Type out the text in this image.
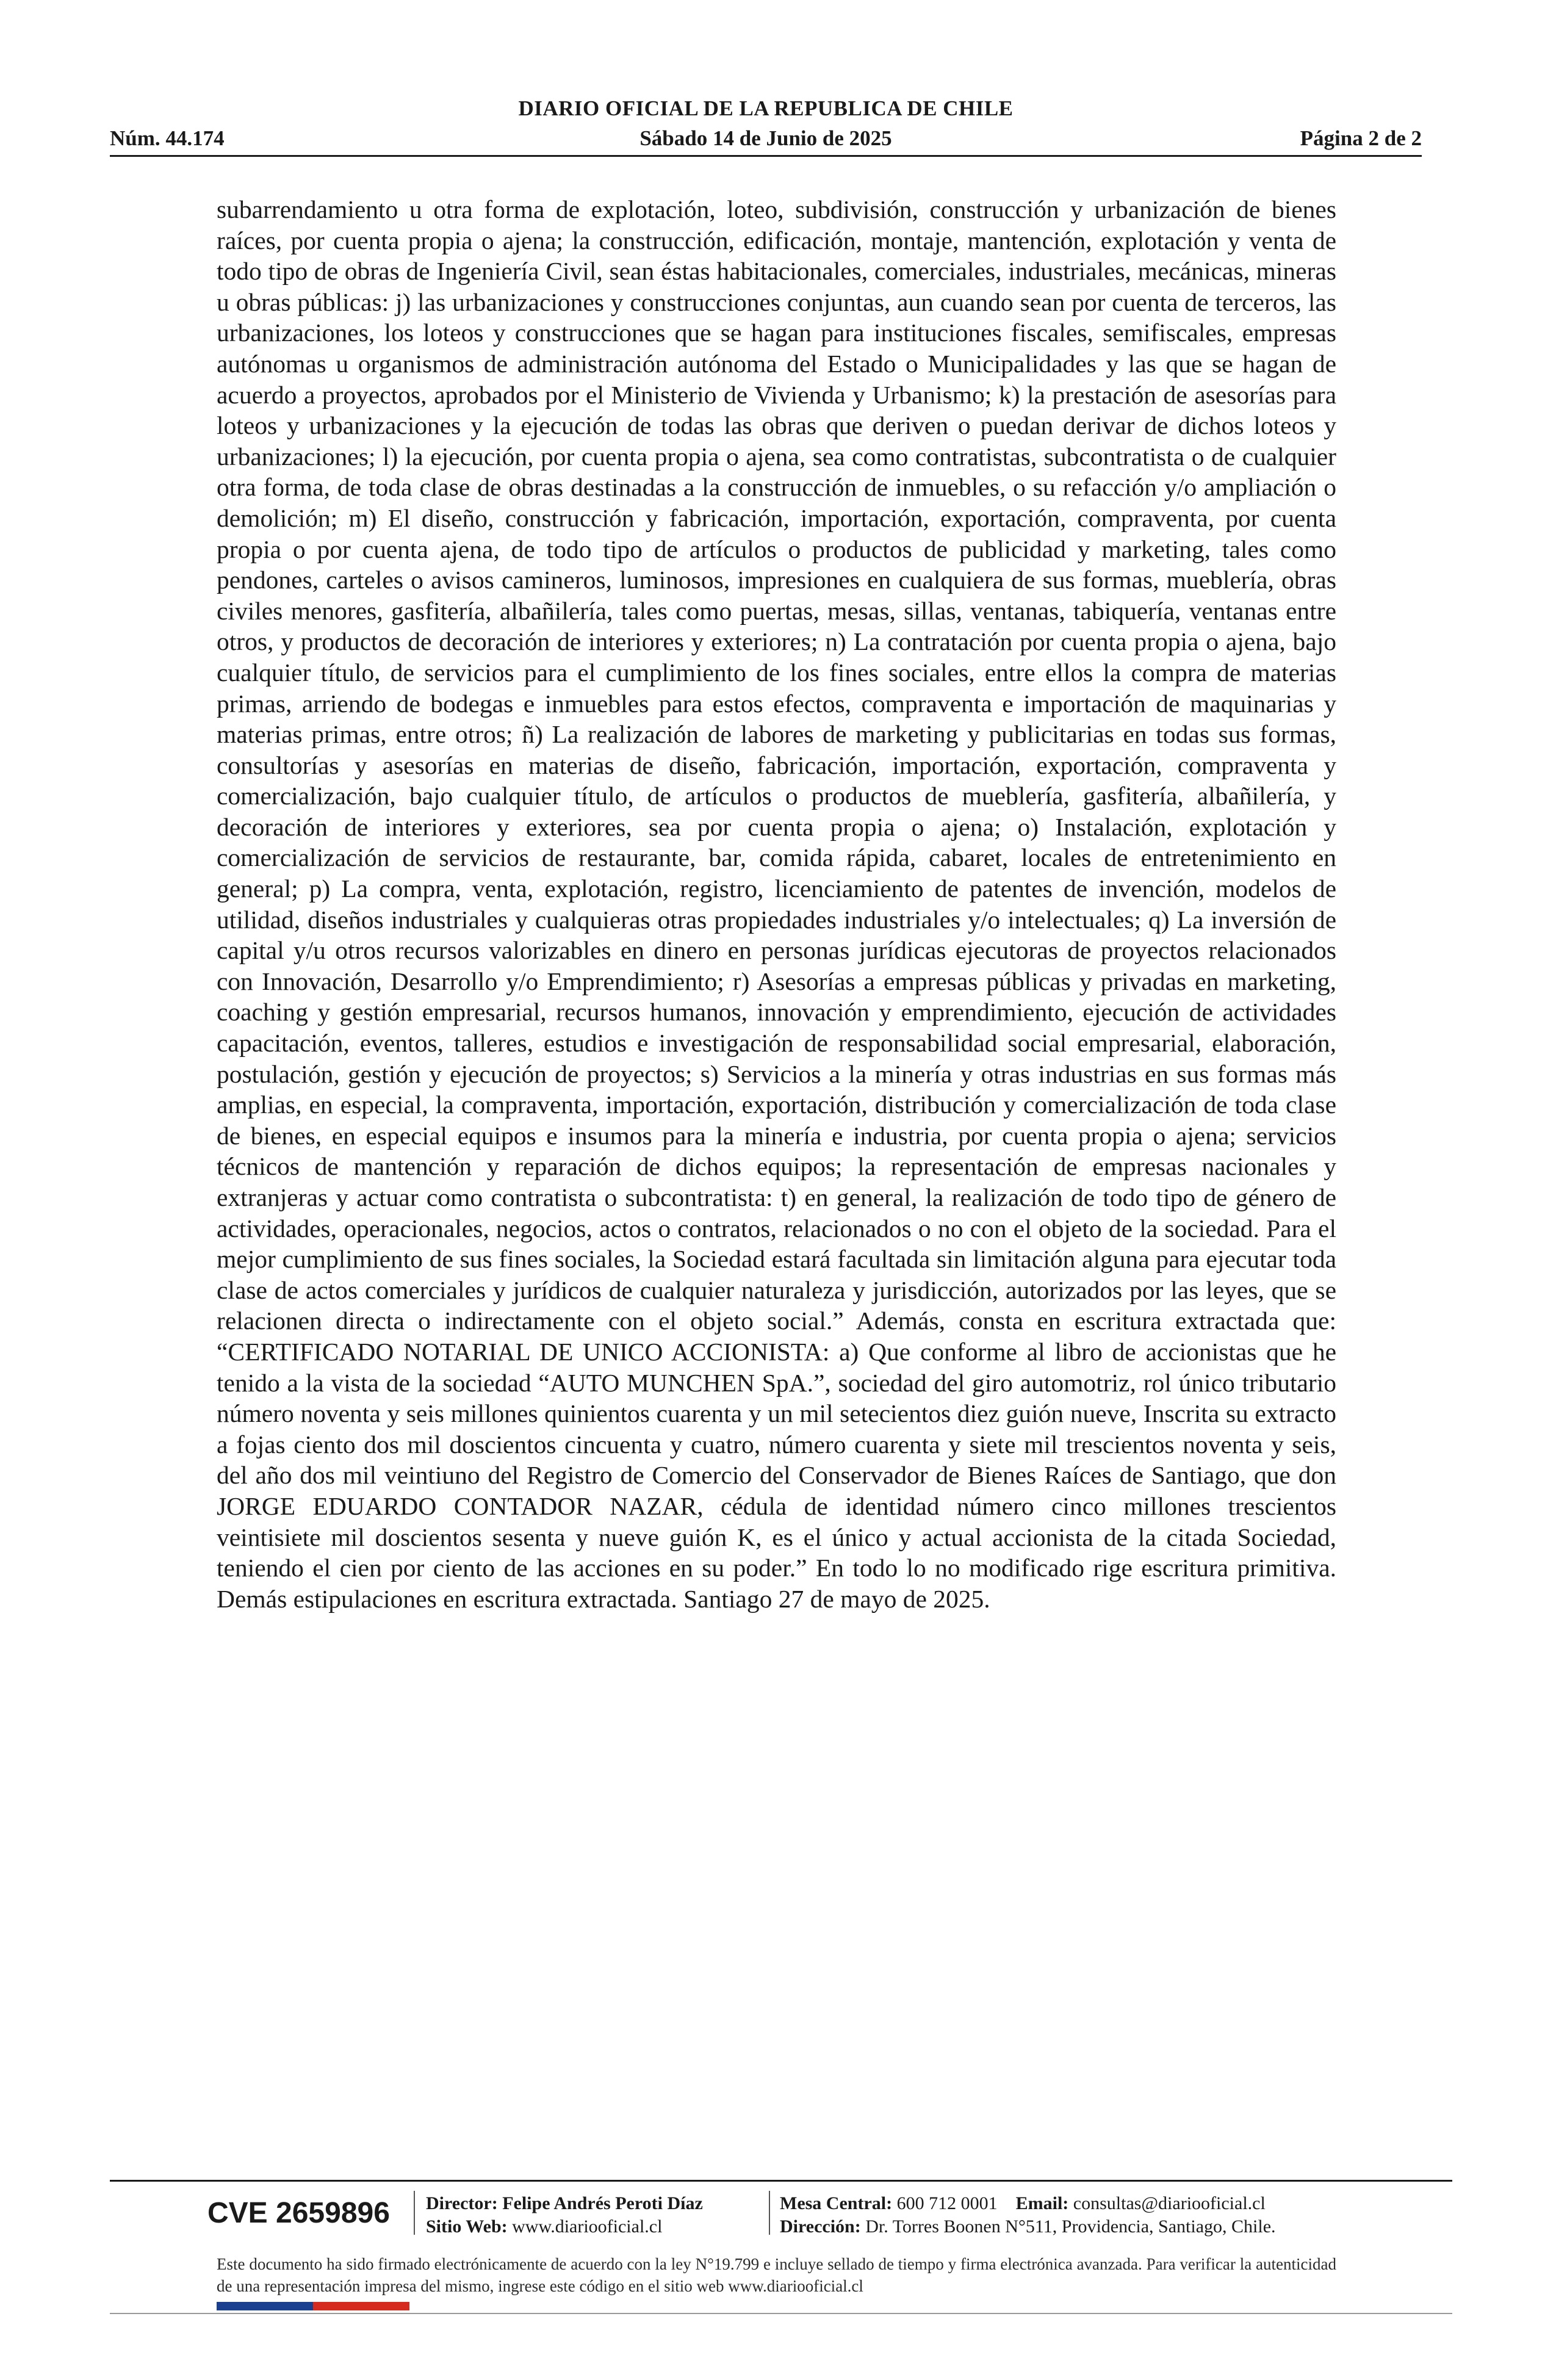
DIARIO OFICIAL DE LA REPUBLICA DE CHILE
Núm. 44.174	Sábado 14 de Junio de 2025	Página 2 de 2

subarrendamiento u otra forma de explotación, loteo, subdivisión, construcción y urbanización de bienes raíces, por cuenta propia o ajena; la construcción, edificación, montaje, mantención, explotación y venta de todo tipo de obras de Ingeniería Civil, sean éstas habitacionales, comerciales, industriales, mecánicas, mineras u obras públicas: j) las urbanizaciones y construcciones conjuntas, aun cuando sean por cuenta de terceros, las urbanizaciones, los loteos y construcciones que se hagan para instituciones fiscales, semifiscales, empresas autónomas u organismos de administración autónoma del Estado o Municipalidades y las que se hagan de acuerdo a proyectos, aprobados por el Ministerio de Vivienda y Urbanismo; k) la prestación de asesorías para loteos y urbanizaciones y la ejecución de todas las obras que deriven o puedan derivar de dichos loteos y urbanizaciones; l) la ejecución, por cuenta propia o ajena, sea como contratistas, subcontratista o de cualquier otra forma, de toda clase de obras destinadas a la construcción de inmuebles, o su refacción y/o ampliación o demolición; m) El diseño, construcción y fabricación, importación, exportación, compraventa, por cuenta propia o por cuenta ajena, de todo tipo de artículos o productos de publicidad y marketing, tales como pendones, carteles o avisos camineros, luminosos, impresiones en cualquiera de sus formas, mueblería, obras civiles menores, gasfitería, albañilería, tales como puertas, mesas, sillas, ventanas, tabiquería, ventanas entre otros, y productos de decoración de interiores y exteriores; n) La contratación por cuenta propia o ajena, bajo cualquier título, de servicios para el cumplimiento de los fines sociales, entre ellos la compra de materias primas, arriendo de bodegas e inmuebles para estos efectos, compraventa e importación de maquinarias y materias primas, entre otros; ñ) La realización de labores de marketing y publicitarias en todas sus formas, consultorías y asesorías en materias de diseño, fabricación, importación, exportación, compraventa y comercialización, bajo cualquier título, de artículos o productos de mueblería, gasfitería, albañilería, y decoración de interiores y exteriores, sea por cuenta propia o ajena; o) Instalación, explotación y comercialización de servicios de restaurante, bar, comida rápida, cabaret, locales de entretenimiento en general; p) La compra, venta, explotación, registro, licenciamiento de patentes de invención, modelos de utilidad, diseños industriales y cualquieras otras propiedades industriales y/o intelectuales; q) La inversión de capital y/u otros recursos valorizables en dinero en personas jurídicas ejecutoras de proyectos relacionados con Innovación, Desarrollo y/o Emprendimiento; r) Asesorías a empresas públicas y privadas en marketing, coaching y gestión empresarial, recursos humanos, innovación y emprendimiento, ejecución de actividades capacitación, eventos, talleres, estudios e investigación de responsabilidad social empresarial, elaboración, postulación, gestión y ejecución de proyectos; s) Servicios a la minería y otras industrias en sus formas más amplias, en especial, la compraventa, importación, exportación, distribución y comercialización de toda clase de bienes, en especial equipos e insumos para la minería e industria, por cuenta propia o ajena; servicios técnicos de mantención y reparación de dichos equipos; la representación de empresas nacionales y extranjeras y actuar como contratista o subcontratista: t) en general, la realización de todo tipo de género de actividades, operacionales, negocios, actos o contratos, relacionados o no con el objeto de la sociedad. Para el mejor cumplimiento de sus fines sociales, la Sociedad estará facultada sin limitación alguna para ejecutar toda clase de actos comerciales y jurídicos de cualquier naturaleza y jurisdicción, autorizados por las leyes, que se relacionen directa o indirectamente con el objeto social.” Además, consta en escritura extractada que: “CERTIFICADO NOTARIAL DE UNICO ACCIONISTA: a) Que conforme al libro de accionistas que he tenido a la vista de la sociedad “AUTO MUNCHEN SpA.”, sociedad del giro automotriz, rol único tributario número noventa y seis millones quinientos cuarenta y un mil setecientos diez guión nueve, Inscrita su extracto a fojas ciento dos mil doscientos cincuenta y cuatro, número cuarenta y siete mil trescientos noventa y seis, del año dos mil veintiuno del Registro de Comercio del Conservador de Bienes Raíces de Santiago, que don JORGE EDUARDO CONTADOR NAZAR, cédula de identidad número cinco millones trescientos veintisiete mil doscientos sesenta y nueve guión K, es el único y actual accionista de la citada Sociedad, teniendo el cien por ciento de las acciones en su poder.” En todo lo no modificado rige escritura primitiva. Demás estipulaciones en escritura extractada. Santiago 27 de mayo de 2025.

CVE 2659896	Director: Felipe Andrés Peroti Díaz
Sitio Web: www.diariooficial.cl
Mesa Central: 600 712 0001 Email: consultas@diariooficial.cl
Dirección: Dr. Torres Boonen N°511, Providencia, Santiago, Chile.

Este documento ha sido firmado electrónicamente de acuerdo con la ley N°19.799 e incluye sellado de tiempo y firma electrónica avanzada. Para verificar la autenticidad de una representación impresa del mismo, ingrese este código en el sitio web www.diariooficial.cl
